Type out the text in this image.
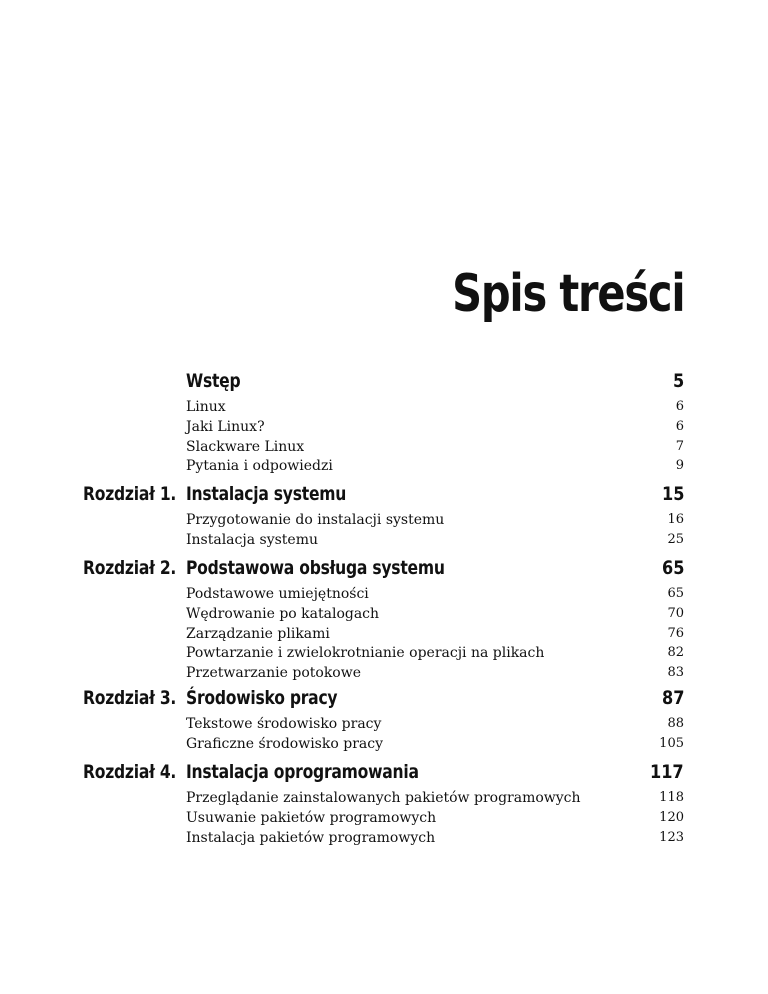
Spis treści
Wstęp	5
Linux	6
Jaki Linux?	6
Slackware Linux	7
Pytania i odpowiedzi	9
Rozdział 1. Instalacja systemu	15
Przygotowanie do instalacji systemu	16
Instalacja systemu	25
Rozdział 2. Podstawowa obsługa systemu	65
Podstawowe umiejętności	65
Wędrowanie po katalogach	70
Zarządzanie plikami	76
Powtarzanie i zwielokrotnianie operacji na plikach	82
Przetwarzanie potokowe	83
Rozdział 3. Środowisko pracy	87
Tekstowe środowisko pracy	88
Graficzne środowisko pracy	105
Rozdział 4. Instalacja oprogramowania	117
Przeglądanie zainstalowanych pakietów programowych	118
Usuwanie pakietów programowych	120
Instalacja pakietów programowych	123
